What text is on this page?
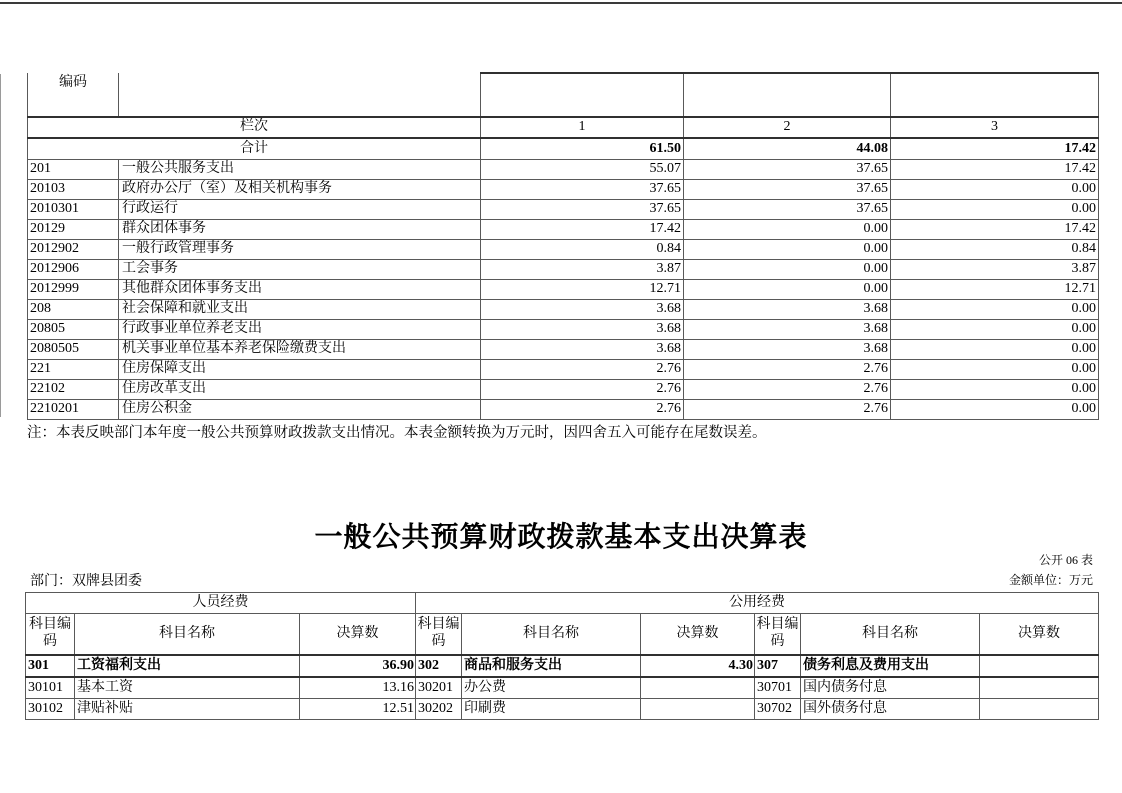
编码				
栏次		1	2	3
合计		61.50	44.08	17.42
201	一般公共服务支出	55.07	37.65	17.42
20103	政府办公厅（室）及相关机构事务	37.65	37.65	0.00
2010301	行政运行	37.65	37.65	0.00
20129	群众团体事务	17.42	0.00	17.42
2012902	一般行政管理事务	0.84	0.00	0.84
2012906	工会事务	3.87	0.00	3.87
2012999	其他群众团体事务支出	12.71	0.00	12.71
208	社会保障和就业支出	3.68	3.68	0.00
20805	行政事业单位养老支出	3.68	3.68	0.00
2080505	机关事业单位基本养老保险缴费支出	3.68	3.68	0.00
221	住房保障支出	2.76	2.76	0.00
22102	住房改革支出	2.76	2.76	0.00
2210201	住房公积金	2.76	2.76	0.00
注：本表反映部门本年度一般公共预算财政拨款支出情况。本表金额转换为万元时，因四舍五入可能存在尾数误差。
一般公共预算财政拨款基本支出决算表
公开 06 表
金额单位：万元
部门：双牌县团委
人员经费			公用经费					
科目编码	科目名称	决算数	科目编码	科目名称	决算数	科目编码	科目名称	决算数
301	工资福利支出	36.90	302	商品和服务支出	4.30	307	债务利息及费用支出	
30101	基本工资	13.16	30201	办公费		30701	国内债务付息	
30102	津贴补贴	12.51	30202	印刷费		30702	国外债务付息	
